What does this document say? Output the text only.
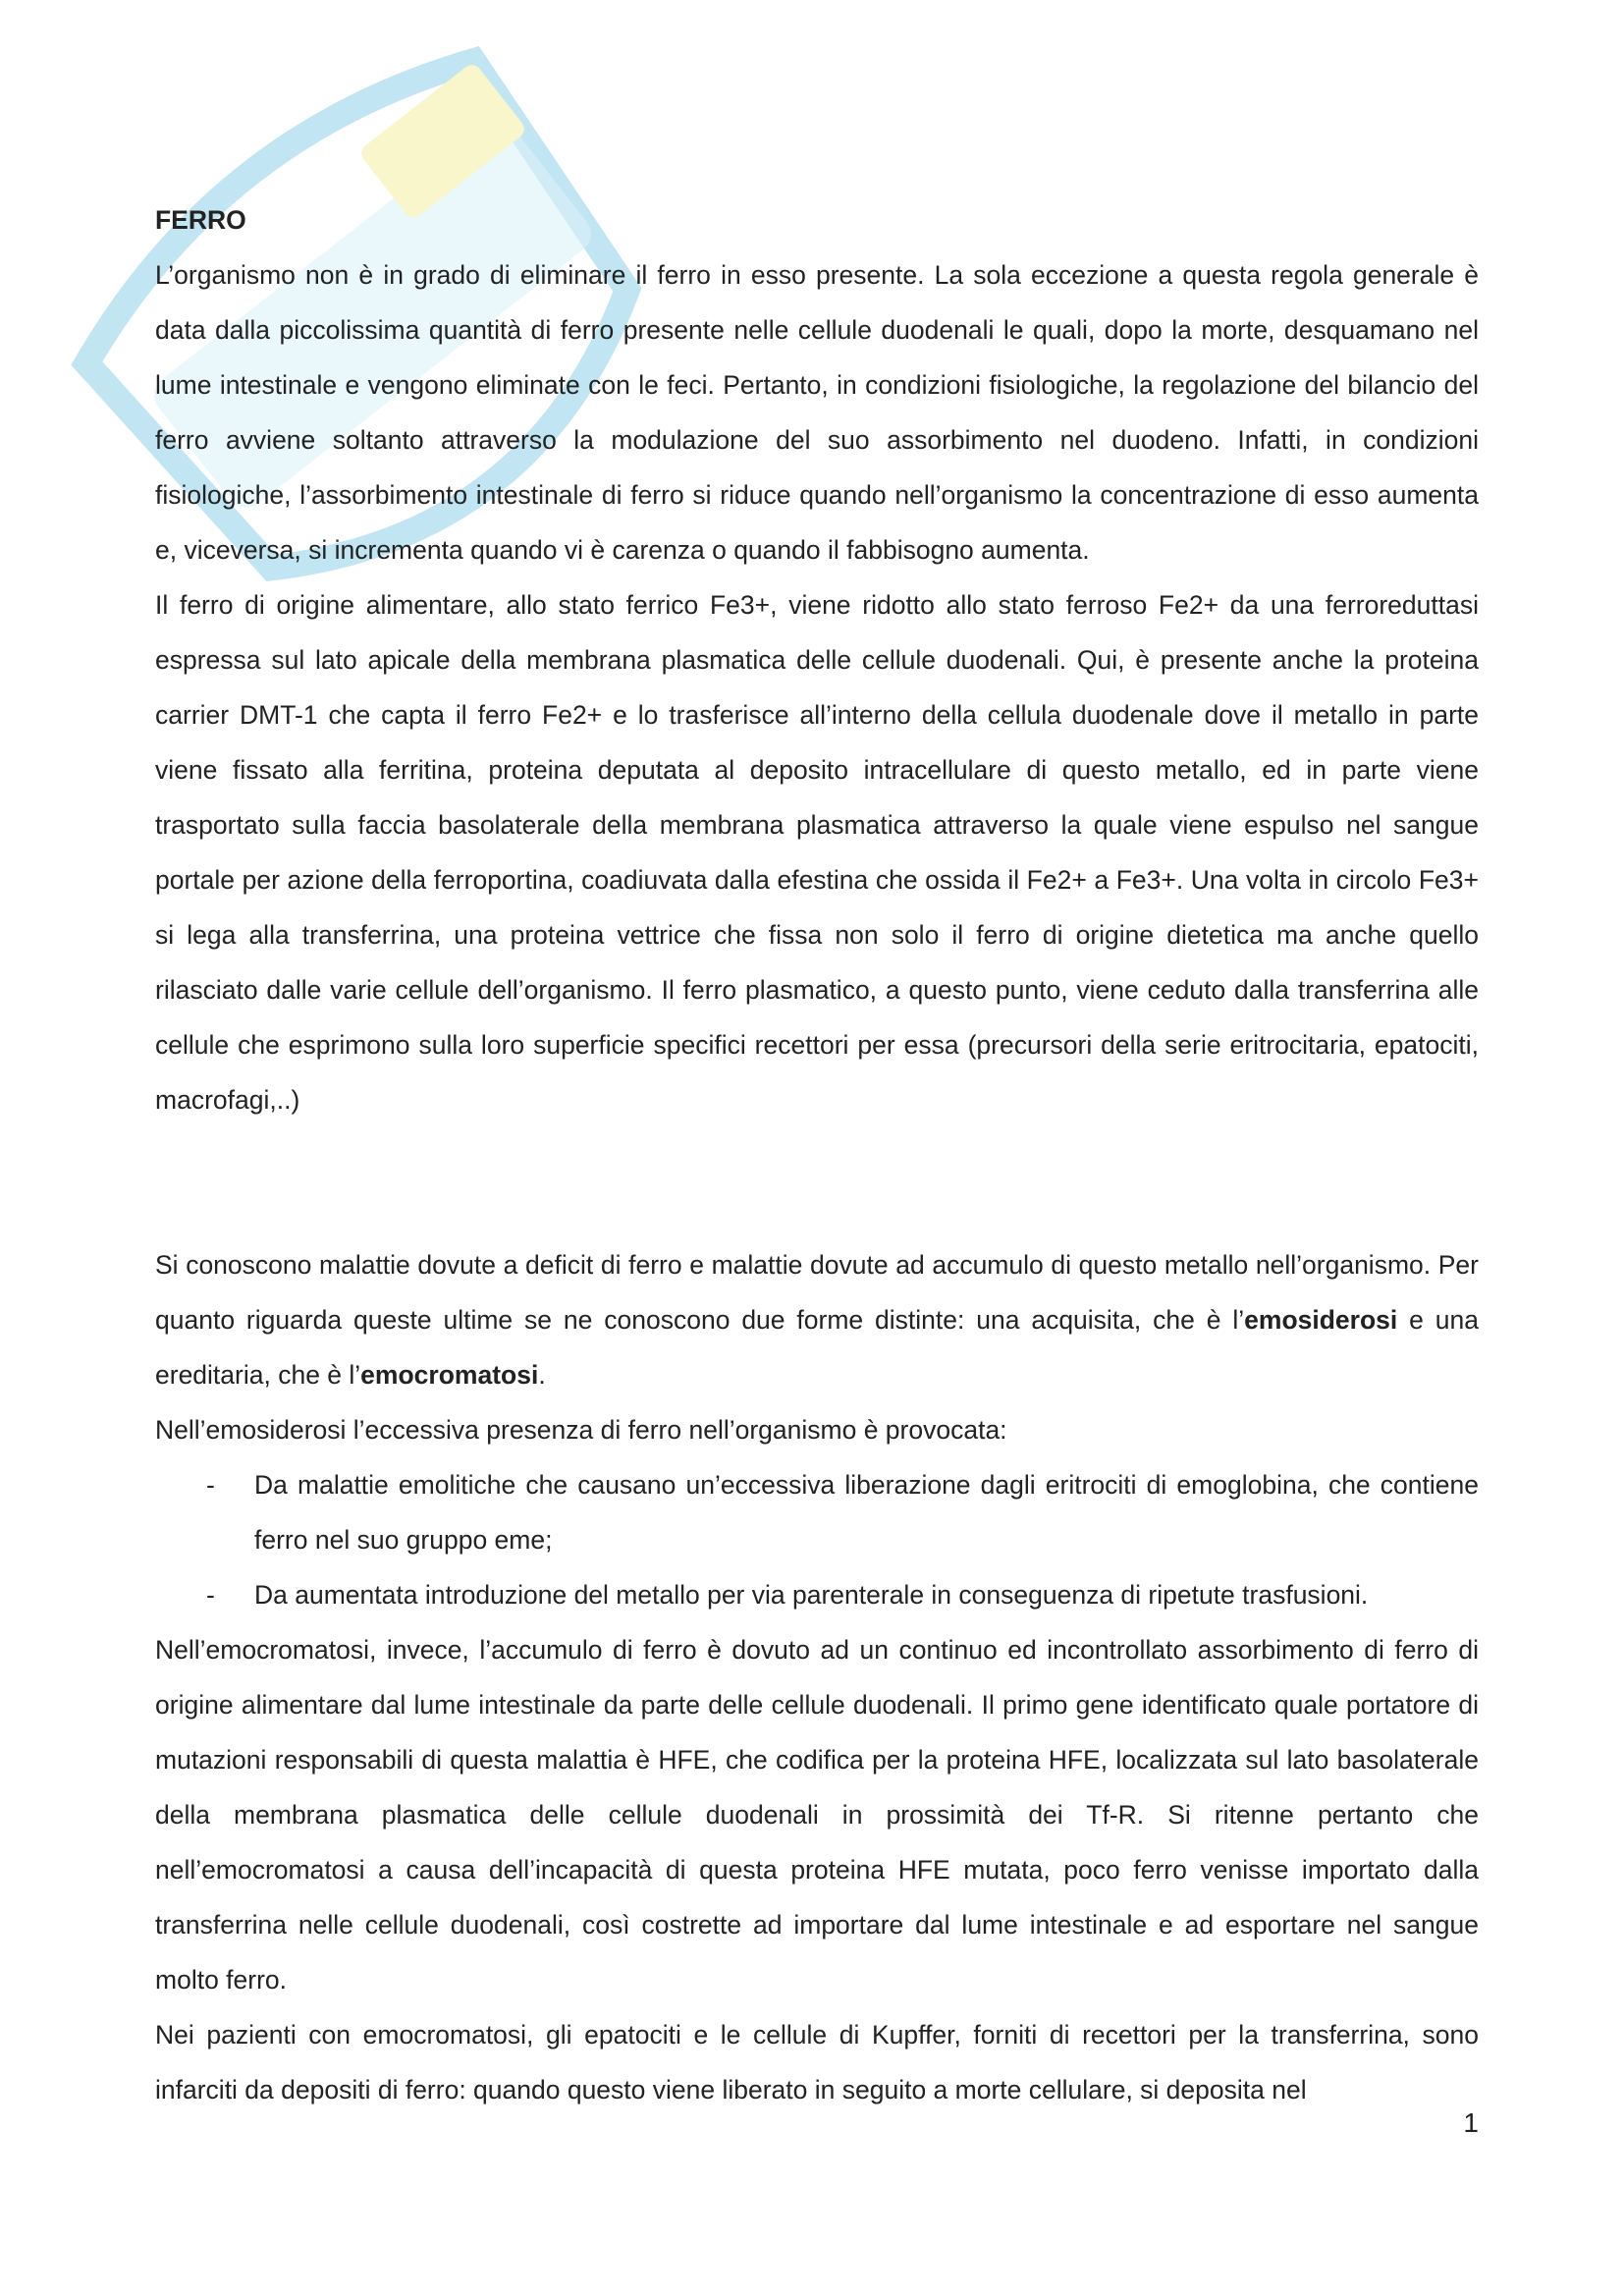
FERRO

L’organismo non è in grado di eliminare il ferro in esso presente. La sola eccezione a questa regola generale è data dalla piccolissima quantità di ferro presente nelle cellule duodenali le quali, dopo la morte, desquamano nel lume intestinale e vengono eliminate con le feci. Pertanto, in condizioni fisiologiche, la regolazione del bilancio del ferro avviene soltanto attraverso la modulazione del suo assorbimento nel duodeno. Infatti, in condizioni fisiologiche, l’assorbimento intestinale di ferro si riduce quando nell’organismo la concentrazione di esso aumenta e, viceversa, si incrementa quando vi è carenza o quando il fabbisogno aumenta.

Il ferro di origine alimentare, allo stato ferrico Fe3+, viene ridotto allo stato ferroso Fe2+ da una ferroreduttasi espressa sul lato apicale della membrana plasmatica delle cellule duodenali. Qui, è presente anche la proteina carrier DMT-1 che capta il ferro Fe2+ e lo trasferisce all’interno della cellula duodenale dove il metallo in parte viene fissato alla ferritina, proteina deputata al deposito intracellulare di questo metallo, ed in parte viene trasportato sulla faccia basolaterale della membrana plasmatica attraverso la quale viene espulso nel sangue portale per azione della ferroportina, coadiuvata dalla efestina che ossida il Fe2+ a Fe3+. Una volta in circolo Fe3+ si lega alla transferrina, una proteina vettrice che fissa non solo il ferro di origine dietetica ma anche quello rilasciato dalle varie cellule dell’organismo. Il ferro plasmatico, a questo punto, viene ceduto dalla transferrina alle cellule che esprimono sulla loro superficie specifici recettori per essa (precursori della serie eritrocitaria, epatociti, macrofagi,..)

Si conoscono malattie dovute a deficit di ferro e malattie dovute ad accumulo di questo metallo nell’organismo. Per quanto riguarda queste ultime se ne conoscono due forme distinte: una acquisita, che è l’emosiderosi e una ereditaria, che è l’emocromatosi.

Nell’emosiderosi l’eccessiva presenza di ferro nell’organismo è provocata:

- Da malattie emolitiche che causano un’eccessiva liberazione dagli eritrociti di emoglobina, che contiene ferro nel suo gruppo eme;
- Da aumentata introduzione del metallo per via parenterale in conseguenza di ripetute trasfusioni.

Nell’emocromatosi, invece, l’accumulo di ferro è dovuto ad un continuo ed incontrollato assorbimento di ferro di origine alimentare dal lume intestinale da parte delle cellule duodenali. Il primo gene identificato quale portatore di mutazioni responsabili di questa malattia è HFE, che codifica per la proteina HFE, localizzata sul lato basolaterale della membrana plasmatica delle cellule duodenali in prossimità dei Tf-R. Si ritenne pertanto che nell’emocromatosi a causa dell’incapacità di questa proteina HFE mutata, poco ferro venisse importato dalla transferrina nelle cellule duodenali, così costrette ad importare dal lume intestinale e ad esportare nel sangue molto ferro.

Nei pazienti con emocromatosi, gli epatociti e le cellule di Kupffer, forniti di recettori per la transferrina, sono infarciti da depositi di ferro: quando questo viene liberato in seguito a morte cellulare, si deposita nel

1
